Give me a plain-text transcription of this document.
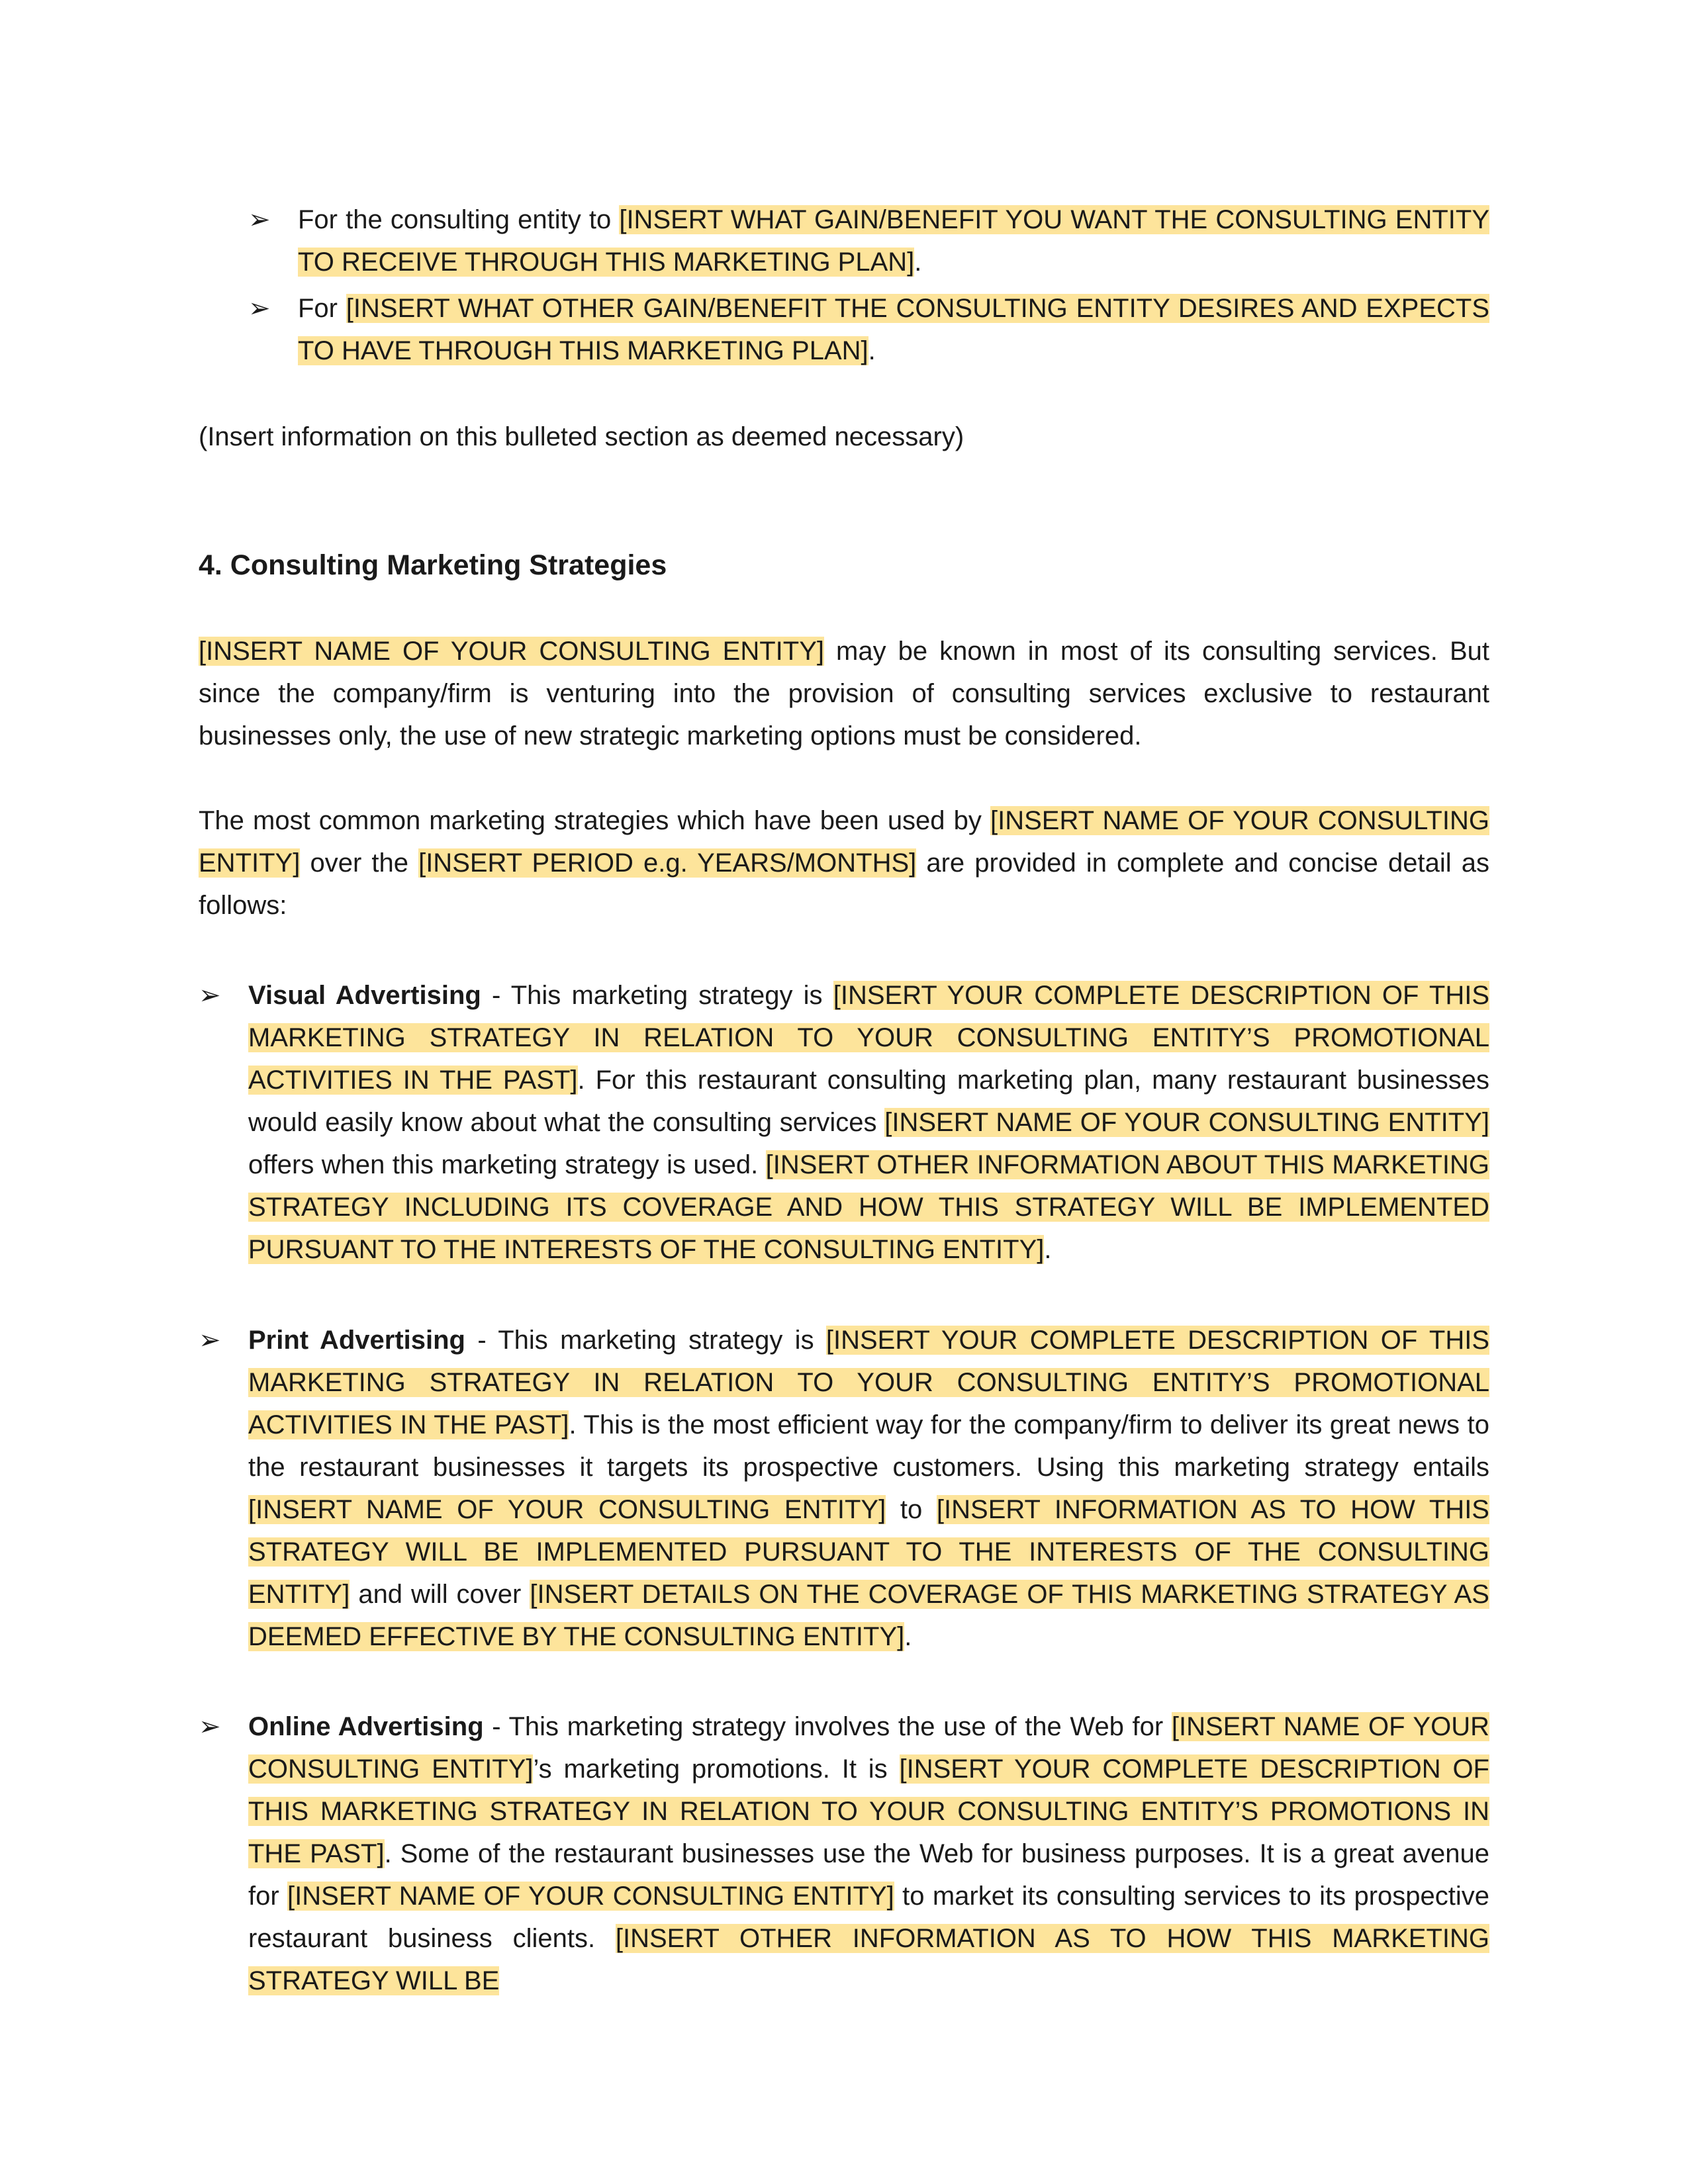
➢	For the consulting entity to [INSERT WHAT GAIN/BENEFIT YOU WANT THE CONSULTING ENTITY TO RECEIVE THROUGH THIS MARKETING PLAN].
➢	For [INSERT WHAT OTHER GAIN/BENEFIT THE CONSULTING ENTITY DESIRES AND EXPECTS TO HAVE THROUGH THIS MARKETING PLAN].
(Insert information on this bulleted section as deemed necessary)
4. Consulting Marketing Strategies
[INSERT NAME OF YOUR CONSULTING ENTITY] may be known in most of its consulting services. But since the company/firm is venturing into the provision of consulting services exclusive to restaurant businesses only, the use of new strategic marketing options must be considered.
The most common marketing strategies which have been used by [INSERT NAME OF YOUR CONSULTING ENTITY] over the [INSERT PERIOD e.g. YEARS/MONTHS] are provided in complete and concise detail as follows:
➢	Visual Advertising - This marketing strategy is [INSERT YOUR COMPLETE DESCRIPTION OF THIS MARKETING STRATEGY IN RELATION TO YOUR CONSULTING ENTITY’S PROMOTIONAL ACTIVITIES IN THE PAST]. For this restaurant consulting marketing plan, many restaurant businesses would easily know about what the consulting services [INSERT NAME OF YOUR CONSULTING ENTITY] offers when this marketing strategy is used. [INSERT OTHER INFORMATION ABOUT THIS MARKETING STRATEGY INCLUDING ITS COVERAGE AND HOW THIS STRATEGY WILL BE IMPLEMENTED PURSUANT TO THE INTERESTS OF THE CONSULTING ENTITY].
➢	Print Advertising - This marketing strategy is [INSERT YOUR COMPLETE DESCRIPTION OF THIS MARKETING STRATEGY IN RELATION TO YOUR CONSULTING ENTITY’S PROMOTIONAL ACTIVITIES IN THE PAST]. This is the most efficient way for the company/firm to deliver its great news to the restaurant businesses it targets its prospective customers. Using this marketing strategy entails [INSERT NAME OF YOUR CONSULTING ENTITY] to [INSERT INFORMATION AS TO HOW THIS STRATEGY WILL BE IMPLEMENTED PURSUANT TO THE INTERESTS OF THE CONSULTING ENTITY] and will cover [INSERT DETAILS ON THE COVERAGE OF THIS MARKETING STRATEGY AS DEEMED EFFECTIVE BY THE CONSULTING ENTITY].
➢	Online Advertising - This marketing strategy involves the use of the Web for [INSERT NAME OF YOUR CONSULTING ENTITY]’s marketing promotions. It is [INSERT YOUR COMPLETE DESCRIPTION OF THIS MARKETING STRATEGY IN RELATION TO YOUR CONSULTING ENTITY’S PROMOTIONS IN THE PAST]. Some of the restaurant businesses use the Web for business purposes. It is a great avenue for [INSERT NAME OF YOUR CONSULTING ENTITY] to market its consulting services to its prospective restaurant business clients. [INSERT OTHER INFORMATION AS TO HOW THIS MARKETING STRATEGY WILL BE
